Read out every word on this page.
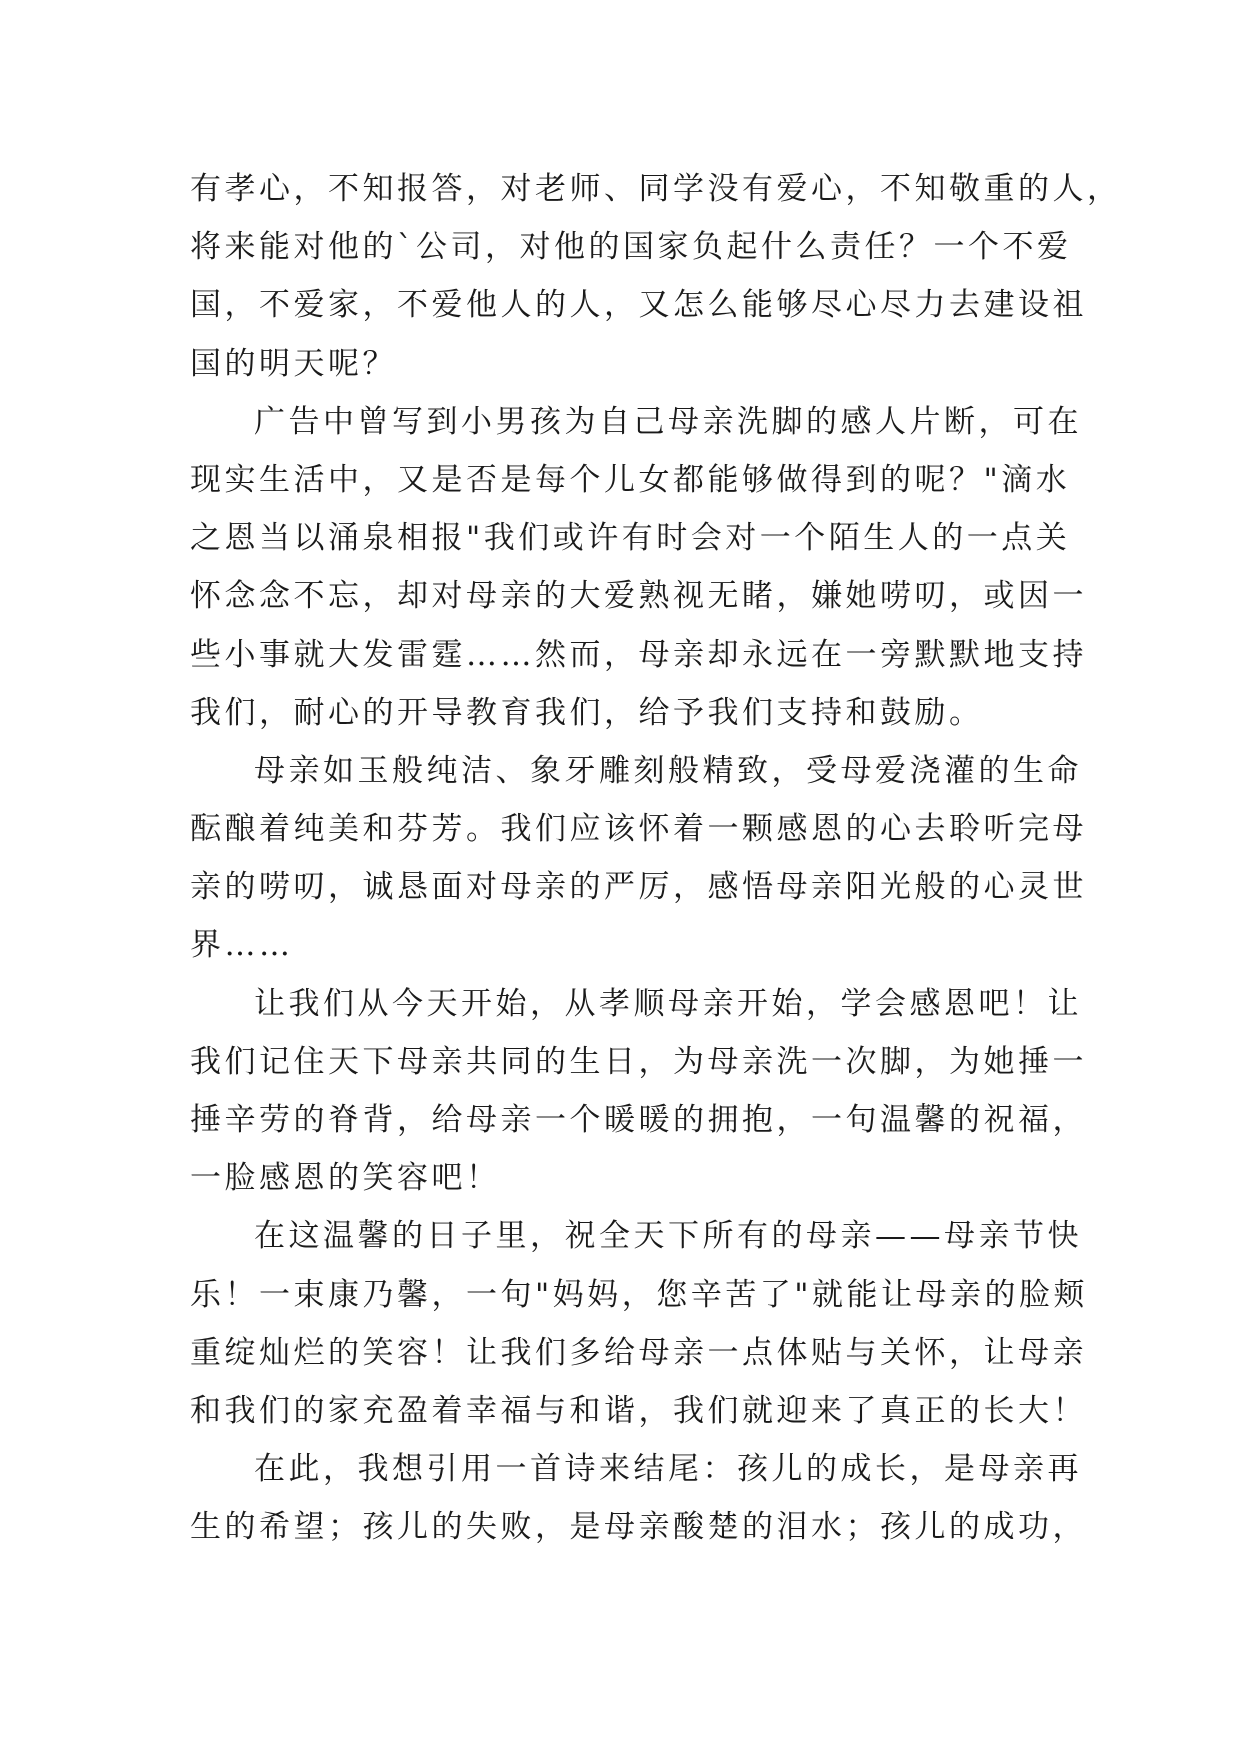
有孝心，不知报答，对老师、同学没有爱心，不知敬重的人，
将来能对他的`公司，对他的国家负起什么责任？一个不爱
国，不爱家，不爱他人的人，又怎么能够尽心尽力去建设祖
国的明天呢？
广告中曾写到小男孩为自己母亲洗脚的感人片断，可在
现实生活中，又是否是每个儿女都能够做得到的呢？"滴水
之恩当以涌泉相报"我们或许有时会对一个陌生人的一点关
怀念念不忘，却对母亲的大爱熟视无睹，嫌她唠叨，或因一
些小事就大发雷霆……然而，母亲却永远在一旁默默地支持
我们，耐心的开导教育我们，给予我们支持和鼓励。
母亲如玉般纯洁、象牙雕刻般精致，受母爱浇灌的生命
酝酿着纯美和芬芳。我们应该怀着一颗感恩的心去聆听完母
亲的唠叨，诚恳面对母亲的严厉，感悟母亲阳光般的心灵世
界……
让我们从今天开始，从孝顺母亲开始，学会感恩吧！让
我们记住天下母亲共同的生日，为母亲洗一次脚，为她捶一
捶辛劳的脊背，给母亲一个暖暖的拥抱，一句温馨的祝福，
一脸感恩的笑容吧！
在这温馨的日子里，祝全天下所有的母亲——母亲节快
乐！一束康乃馨，一句"妈妈，您辛苦了"就能让母亲的脸颊
重绽灿烂的笑容！让我们多给母亲一点体贴与关怀，让母亲
和我们的家充盈着幸福与和谐，我们就迎来了真正的长大！
在此，我想引用一首诗来结尾：孩儿的成长，是母亲再
生的希望；孩儿的失败，是母亲酸楚的泪水；孩儿的成功，
